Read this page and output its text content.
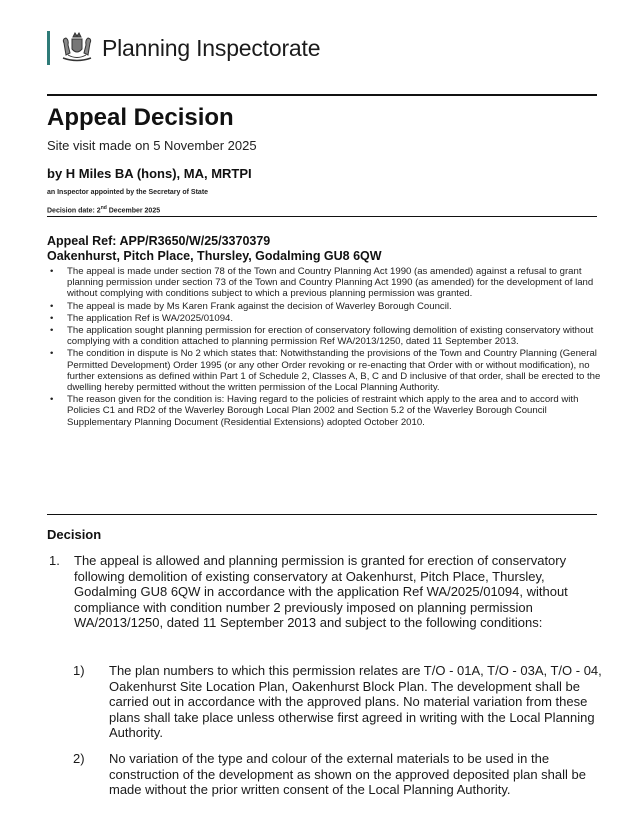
Planning Inspectorate
Appeal Decision
Site visit made on 5 November 2025
by H Miles BA (hons), MA, MRTPI
an Inspector appointed by the Secretary of State
Decision date: 2nd December 2025
Appeal Ref: APP/R3650/W/25/3370379
Oakenhurst, Pitch Place, Thursley, Godalming GU8 6QW
• The appeal is made under section 78 of the Town and Country Planning Act 1990 (as amended) against a refusal to grant planning permission under section 73 of the Town and Country Planning Act 1990 (as amended) for the development of land without complying with conditions subject to which a previous planning permission was granted.
• The appeal is made by Ms Karen Frank against the decision of Waverley Borough Council.
• The application Ref is WA/2025/01094.
• The application sought planning permission for erection of conservatory following demolition of existing conservatory without complying with a condition attached to planning permission Ref WA/2013/1250, dated 11 September 2013.
• The condition in dispute is No 2 which states that: Notwithstanding the provisions of the Town and Country Planning (General Permitted Development) Order 1995 (or any other Order revoking or re-enacting that Order with or without modification), no further extensions as defined within Part 1 of Schedule 2, Classes A, B, C and D inclusive of that order, shall be erected to the dwelling hereby permitted without the written permission of the Local Planning Authority.
• The reason given for the condition is: Having regard to the policies of restraint which apply to the area and to accord with Policies C1 and RD2 of the Waverley Borough Local Plan 2002 and Section 5.2 of the Waverley Borough Council Supplementary Planning Document (Residential Extensions) adopted October 2010.
Decision
1. The appeal is allowed and planning permission is granted for erection of conservatory following demolition of existing conservatory at Oakenhurst, Pitch Place, Thursley, Godalming GU8 6QW in accordance with the application Ref WA/2025/01094, without compliance with condition number 2 previously imposed on planning permission WA/2013/1250, dated 11 September 2013 and subject to the following conditions:
1) The plan numbers to which this permission relates are T/O - 01A, T/O - 03A, T/O - 04, Oakenhurst Site Location Plan, Oakenhurst Block Plan. The development shall be carried out in accordance with the approved plans. No material variation from these plans shall take place unless otherwise first agreed in writing with the Local Planning Authority.
2) No variation of the type and colour of the external materials to be used in the construction of the development as shown on the approved deposited plan shall be made without the prior written consent of the Local Planning Authority.
